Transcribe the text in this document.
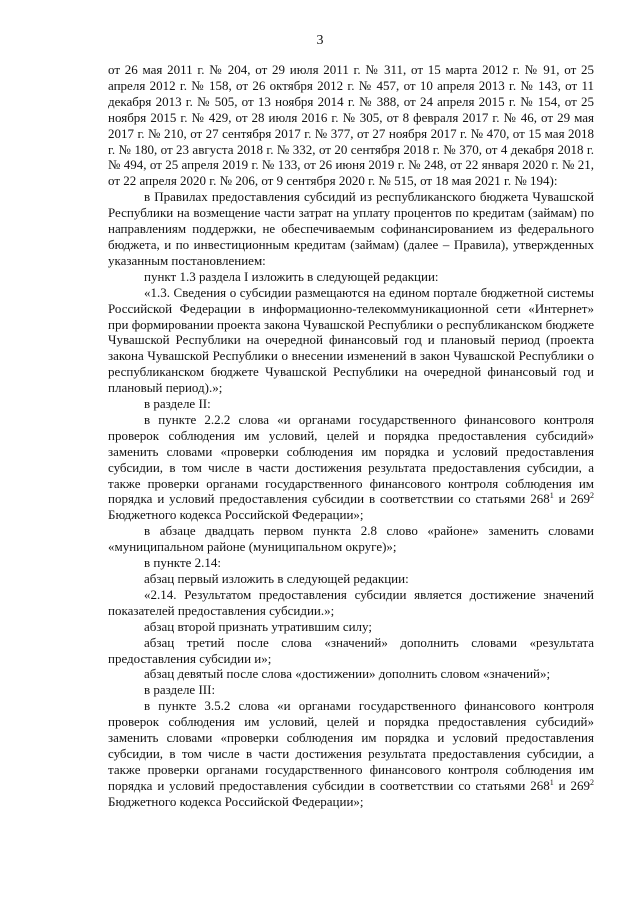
3

от 26 мая 2011 г. № 204, от 29 июля 2011 г. № 311, от 15 марта 2012 г. № 91, от 25 апреля 2012 г. № 158, от 26 октября 2012 г. № 457, от 10 апреля 2013 г. № 143, от 11 декабря 2013 г. № 505, от 13 ноября 2014 г. № 388, от 24 апреля 2015 г. № 154, от 25 ноября 2015 г. № 429, от 28 июля 2016 г. № 305, от 8 февраля 2017 г. № 46, от 29 мая 2017 г. № 210, от 27 сентября 2017 г. № 377, от 27 ноября 2017 г. № 470, от 15 мая 2018 г. № 180, от 23 августа 2018 г. № 332, от 20 сентября 2018 г. № 370, от 4 декабря 2018 г. № 494, от 25 апреля 2019 г. № 133, от 26 июня 2019 г. № 248, от 22 января 2020 г. № 21, от 22 апреля 2020 г. № 206, от 9 сентября 2020 г. № 515, от 18 мая 2021 г. № 194):

в Правилах предоставления субсидий из республиканского бюджета Чувашской Республики на возмещение части затрат на уплату процентов по кредитам (займам) по направлениям поддержки, не обеспечиваемым софинансированием из федерального бюджета, и по инвестиционным кредитам (займам) (далее – Правила), утвержденных указанным постановлением:

пункт 1.3 раздела I изложить в следующей редакции:

«1.3. Сведения о субсидии размещаются на едином портале бюджетной системы Российской Федерации в информационно-телекоммуникационной сети «Интернет» при формировании проекта закона Чувашской Республики о республиканском бюджете Чувашской Республики на очередной финансовый год и плановый период (проекта закона Чувашской Республики о внесении изменений в закон Чувашской Республики о республиканском бюджете Чувашской Республики на очередной финансовый год и плановый период).»;

в разделе II:

в пункте 2.2.2 слова «и органами государственного финансового контроля проверок соблюдения им условий, целей и порядка предоставления субсидий» заменить словами «проверки соблюдения им порядка и условий предоставления субсидии, в том числе в части достижения результата предоставления субсидии, а также проверки органами государственного финансового контроля соблюдения им порядка и условий предоставления субсидии в соответствии со статьями $268^1$ и $269^2$ Бюджетного кодекса Российской Федерации»;

в абзаце двадцать первом пункта 2.8 слово «районе» заменить словами «муниципальном районе (муниципальном округе)»;

в пункте 2.14:

абзац первый изложить в следующей редакции:

«2.14. Результатом предоставления субсидии является достижение значений показателей предоставления субсидии.»;

абзац второй признать утратившим силу;

абзац третий после слова «значений» дополнить словами «результата предоставления субсидии и»;

абзац девятый после слова «достижении» дополнить словом «значений»;

в разделе III:

в пункте 3.5.2 слова «и органами государственного финансового контроля проверок соблюдения им условий, целей и порядка предоставления субсидий» заменить словами «проверки соблюдения им порядка и условий предоставления субсидии, в том числе в части достижения результата предоставления субсидии, а также проверки органами государственного финансового контроля соблюдения им порядка и условий предоставления субсидии в соответствии со статьями $268^1$ и $269^2$ Бюджетного кодекса Российской Федерации»;
